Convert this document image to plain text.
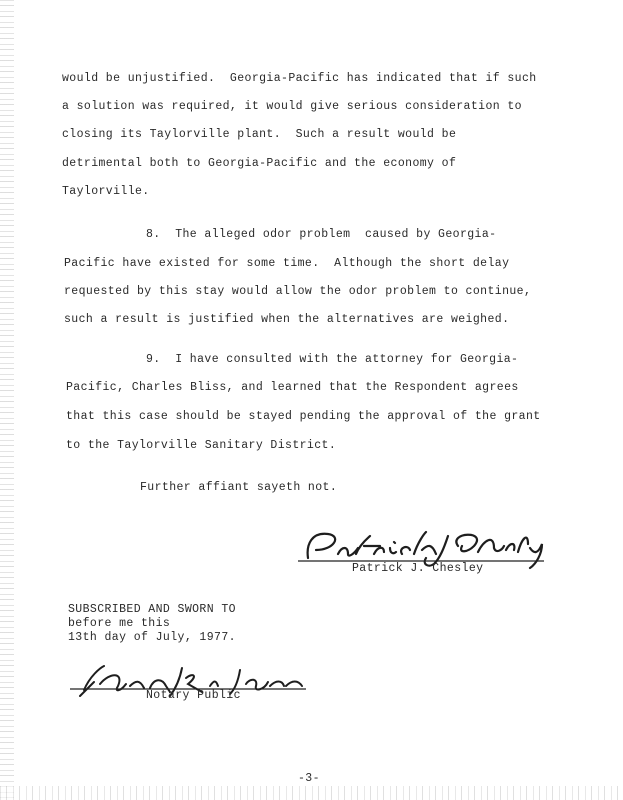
would be unjustified.  Georgia-Pacific has indicated that if such
a solution was required, it would give serious consideration to
closing its Taylorville plant.  Such a result would be
detrimental both to Georgia-Pacific and the economy of
Taylorville.
8.  The alleged odor problem  caused by Georgia-
Pacific have existed for some time.  Although the short delay
requested by this stay would allow the odor problem to continue,
such a result is justified when the alternatives are weighed.
9.  I have consulted with the attorney for Georgia-
Pacific, Charles Bliss, and learned that the Respondent agrees
that this case should be stayed pending the approval of the grant
to the Taylorville Sanitary District.
Further affiant sayeth not.
Patrick J. Chesley
Patrick J. Chesley
SUBSCRIBED AND SWORN TO
before me this
13th day of July, 1977.
Notary Public
-3-
